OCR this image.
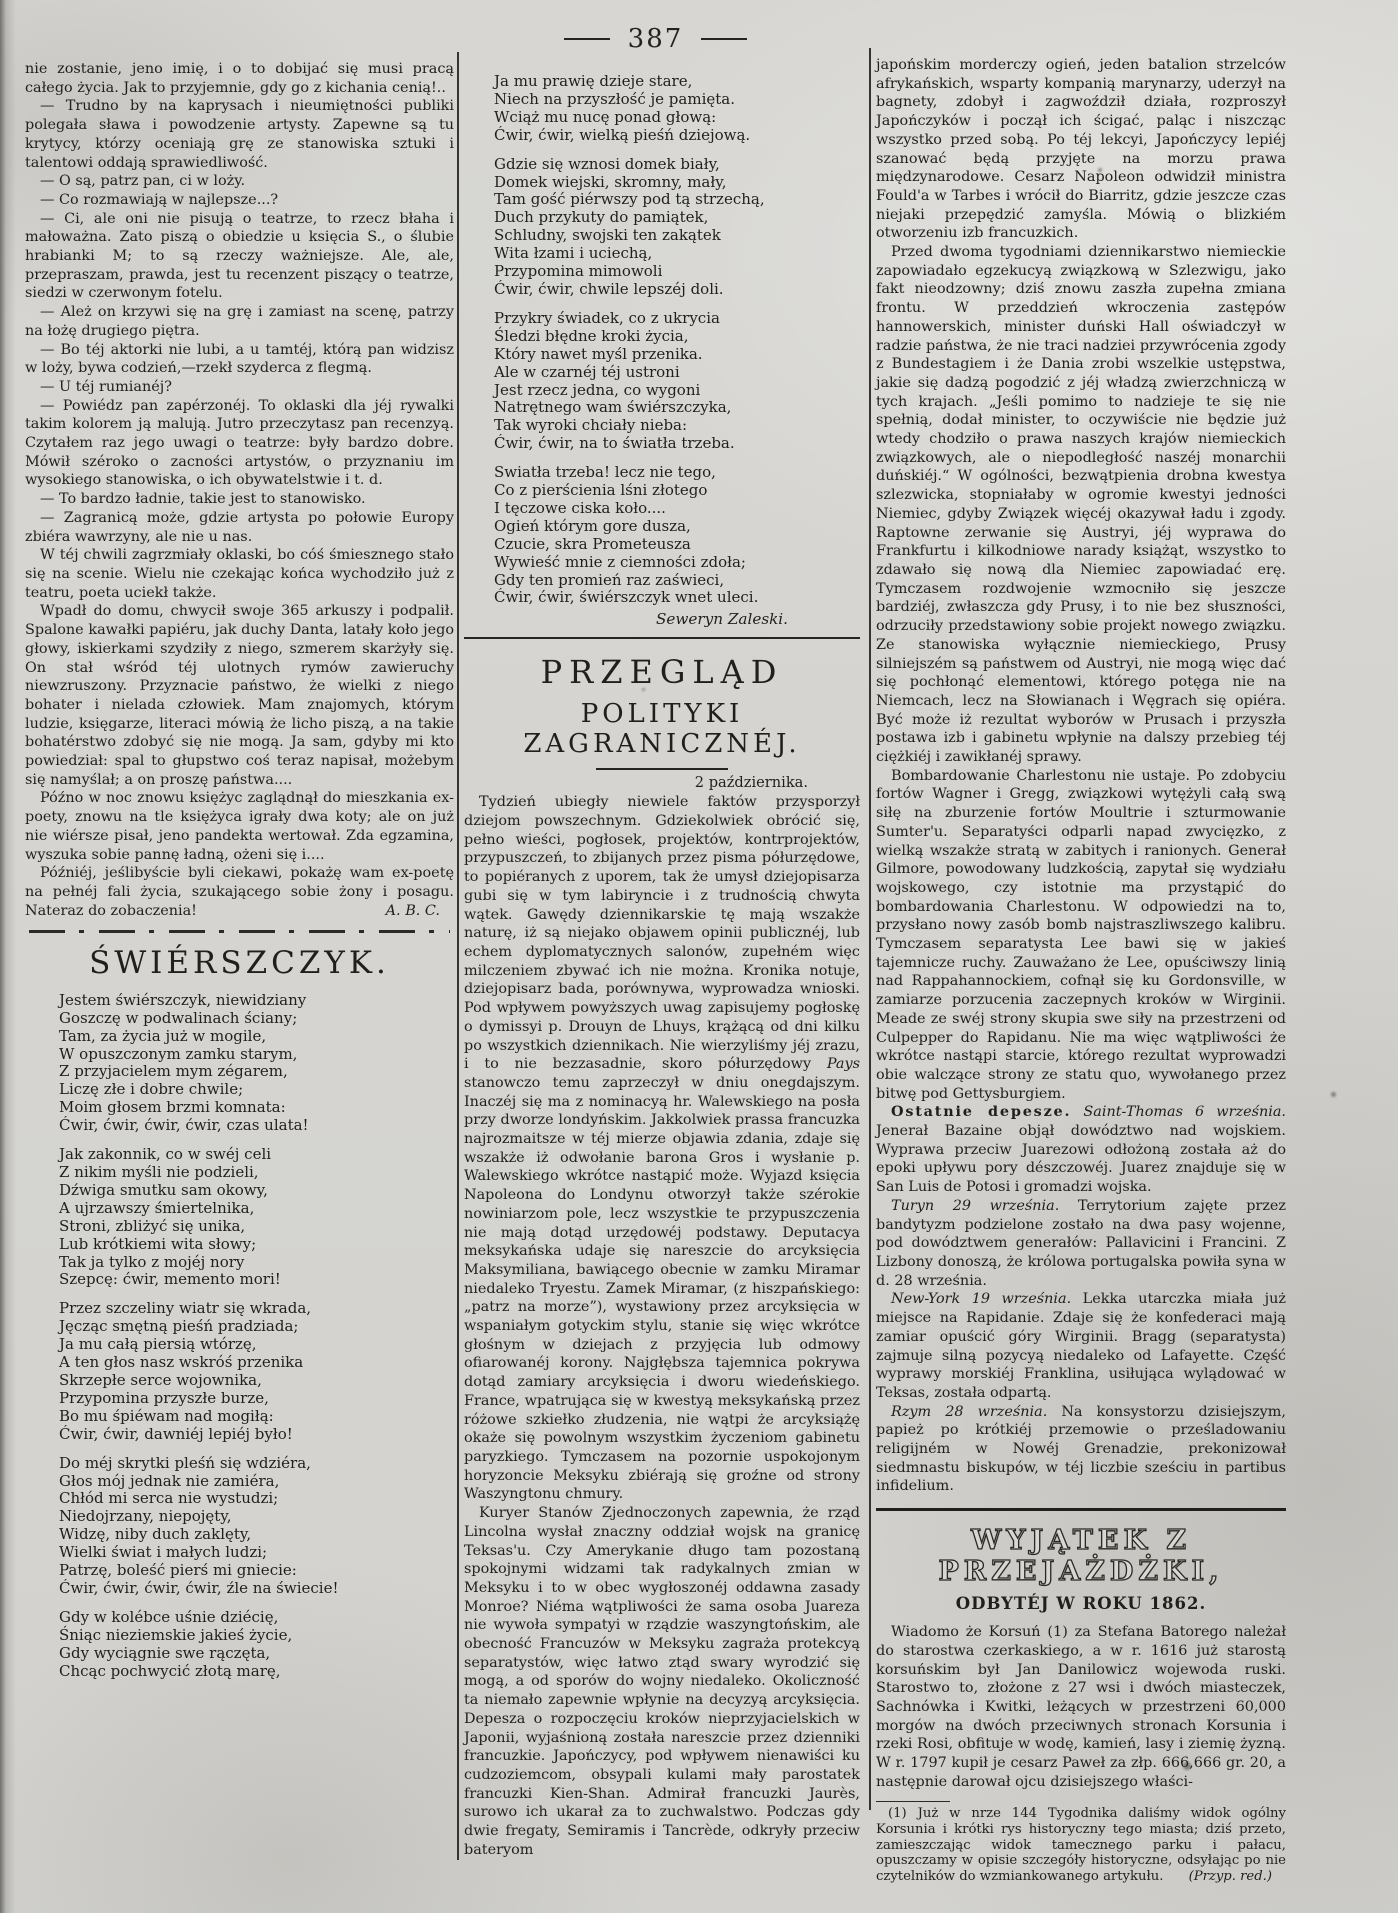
387

nie zostanie, jeno imię, i o to dobijać się musi pracą całego życia. Jak to przyjemnie, gdy go z kichania cenią!..

— Trudno by na kaprysach i nieumiętności publiki polegała sława i powodzenie artysty. Zapewne są tu krytycy, którzy oceniają grę ze stanowiska sztuki i talentowi oddają sprawiedliwość.

— O są, patrz pan, ci w loży.

— Co rozmawiają w najlepsze...?

— Ci, ale oni nie pisują o teatrze, to rzecz błaha i małoważna. Zato piszą o obiedzie u księcia S., o ślubie hrabianki M; to są rzeczy ważniejsze. Ale, ale, przepraszam, prawda, jest tu recenzent piszący o teatrze, siedzi w czerwonym fotelu.

— Ależ on krzywi się na grę i zamiast na scenę, patrzy na łożę drugiego piętra.

— Bo téj aktorki nie lubi, a u tamtéj, którą pan widzisz w loży, bywa codzień,—rzekł szyderca z flegmą.

— U téj rumianéj?

— Powiédz pan zapérzonéj. To oklaski dla jéj rywalki takim kolorem ją malują. Jutro przeczytasz pan recenzyą. Czytałem raz jego uwagi o teatrze: były bardzo dobre. Mówił széroko o zacności artystów, o przyznaniu im wysokiego stanowiska, o ich obywatelstwie i t. d.

— To bardzo ładnie, takie jest to stanowisko.

— Zagranicą może, gdzie artysta po połowie Europy zbiéra wawrzyny, ale nie u nas.

W téj chwili zagrzmiały oklaski, bo cóś śmiesznego stało się na scenie. Wielu nie czekając końca wychodziło już z teatru, poeta uciekł także.

Wpadł do domu, chwycił swoje 365 arkuszy i podpalił. Spalone kawałki papiéru, jak duchy Danta, latały koło jego głowy, iskierkami szydziły z niego, szmerem skarżyły się. On stał wśród téj ulotnych rymów zawieruchy niewzruszony. Przyznacie państwo, że wielki z niego bohater i nielada człowiek. Mam znajomych, którym ludzie, księgarze, literaci mówią że licho piszą, a na takie bohatérstwo zdobyć się nie mogą. Ja sam, gdyby mi kto powiedział: spal to głupstwo coś teraz napisał, możebym się namyślał; a on proszę państwa....

Późno w noc znowu księżyc zaglądnął do mieszkania ex-poety, znowu na tle księżyca igrały dwa koty; ale on już nie wiérsze pisał, jeno pandekta wertował. Zda egzamina, wyszuka sobie pannę ładną, ożeni się i....

Późniéj, jeślibyście byli ciekawi, pokażę wam ex-poetę na pełnéj fali życia, szukającego sobie żony i posagu. Nateraz do zobaczenia!	A. B. C.

ŚWIÉRSZCZYK.

Jestem świérszczyk, niewidziany
Goszczę w podwalinach ściany;
Tam, za życia już w mogile,
W opuszczonym zamku starym,
Z przyjacielem mym zégarem,
Liczę złe i dobre chwile;
Moim głosem brzmi komnata:
Ćwir, ćwir, ćwir, ćwir, czas ulata!
Jak zakonnik, co w swéj celi
Z nikim myśli nie podzieli,
Dźwiga smutku sam okowy,
A ujrzawszy śmiertelnika,
Stroni, zbliżyć się unika,
Lub krótkiemi wita słowy;
Tak ja tylko z mojéj nory
Szepcę: ćwir, memento mori!
Przez szczeliny wiatr się wkrada,
Jęcząc smętną pieśń pradziada;
Ja mu całą piersią wtórzę,
A ten głos nasz wskróś przenika
Skrzepłe serce wojownika,
Przypomina przyszłe burze,
Bo mu śpiéwam nad mogiłą:
Ćwir, ćwir, dawniéj lepiéj było!
Do méj skrytki pleśń się wdziéra,
Głos mój jednak nie zamiéra,
Chłód mi serca nie wystudzi;
Niedojrzany, niepojęty,
Widzę, niby duch zaklęty,
Wielki świat i małych ludzi;
Patrzę, boleść pierś mi gniecie:
Ćwir, ćwir, ćwir, ćwir, źle na świecie!
Gdy w kolébce uśnie dziécię,
Śniąc nieziemskie jakieś życie,
Gdy wyciągnie swe rączęta,
Chcąc pochwycić złotą marę,
Ja mu prawię dzieje stare,
Niech na przyszłość je pamięta.
Wciąż mu nucę ponad głową:
Ćwir, ćwir, wielką pieśń dziejową.
Gdzie się wznosi domek biały,
Domek wiejski, skromny, mały,
Tam gość piérwszy pod tą strzechą,
Duch przykuty do pamiątek,
Schludny, swojski ten zakątek
Wita łzami i uciechą,
Przypomina mimowoli
Ćwir, ćwir, chwile lepszéj doli.
Przykry świadek, co z ukrycia
Śledzi błędne kroki życia,
Który nawet myśl przenika.
Ale w czarnéj téj ustroni
Jest rzecz jedna, co wygoni
Natrętnego wam świérszczyka,
Tak wyroki chciały nieba:
Ćwir, ćwir, na to światła trzeba.
Swiatła trzeba! lecz nie tego,
Co z pierścienia lśni złotego
I tęczowe ciska koło....
Ogień którym gore dusza,
Czucie, skra Prometeusza
Wywieść mnie z ciemności zdoła;
Gdy ten promień raz zaświeci,
Ćwir, ćwir, świérszczyk wnet uleci.

Seweryn Zaleski.

PRZEGLĄD

POLITYKI ZAGRANICZNÉJ.

2 października.

Tydzień ubiegły niewiele faktów przysporzył dziejom powszechnym. Gdziekolwiek obrócić się, pełno wieści, pogłosek, projektów, kontrprojektów, przypuszczeń, to zbijanych przez pisma półurzędowe, to popiéranych z uporem, tak że umysł dziejopisarza gubi się w tym labiryncie i z trudnością chwyta wątek. Gawędy dziennikarskie tę mają wszakże naturę, iż są niejako objawem opinii publicznéj, lub echem dyplomatycznych salonów, zupełném więc milczeniem zbywać ich nie można. Kronika notuje, dziejopisarz bada, porównywa, wyprowadza wnioski. Pod wpływem powyższych uwag zapisujemy pogłoskę o dymissyi p. Drouyn de Lhuys, krążącą od dni kilku po wszystkich dziennikach. Nie wierzyliśmy jéj zrazu, i to nie bezzasadnie, skoro półurzędowy Pays stanowczo temu zaprzeczył w dniu onegdajszym. Inaczéj się ma z nominacyą hr. Walewskiego na posła przy dworze londyńskim. Jakkolwiek prassa francuzka najrozmaitsze w téj mierze objawia zdania, zdaje się wszakże iż odwołanie barona Gros i wysłanie p. Walewskiego wkrótce nastąpić może. Wyjazd księcia Napoleona do Londynu otworzył także szérokie nowiniarzom pole, lecz wszystkie te przypuszczenia nie mają dotąd urzędowéj podstawy. Deputacya meksykańska udaje się nareszcie do arcyksięcia Maksymiliana, bawiącego obecnie w zamku Miramar niedaleko Tryestu. Zamek Miramar, (z hiszpańskiego: „patrz na morze”), wystawiony przez arcyksięcia w wspaniałym gotyckim stylu, stanie się więc wkrótce głośnym w dziejach z przyjęcia lub odmowy ofiarowanéj korony. Najgłębsza tajemnica pokrywa dotąd zamiary arcyksięcia i dworu wiedeńskiego. France, wpatrująca się w kwestyą meksykańską przez różowe szkiełko złudzenia, nie wątpi że arcyksiążę okaże się powolnym wszystkim życzeniom gabinetu paryzkiego. Tymczasem na pozornie uspokojonym horyzoncie Meksyku zbiérają się groźne od strony Waszyngtonu chmury.

Kuryer Stanów Zjednoczonych zapewnia, że rząd Lincolna wysłał znaczny oddział wojsk na granicę Teksas'u. Czy Amerykanie długo tam pozostaną spokojnymi widzami tak radykalnych zmian w Meksyku i to w obec wygłoszonéj oddawna zasady Monroe? Niéma wątpliwości że sama osoba Juareza nie wywoła sympatyi w rządzie waszyngtońskim, ale obecność Francuzów w Meksyku zagraża protekcyą separatystów, więc łatwo ztąd swary wyrodzić się mogą, a od sporów do wojny niedaleko. Okoliczność ta niemało zapewnie wpłynie na decyzyą arcyksięcia. Depesza o rozpoczęciu kroków nieprzyjacielskich w Japonii, wyjaśnioną została nareszcie przez dzienniki francuzkie. Japończycy, pod wpływem nienawiści ku cudzoziemcom, obsypali kulami mały parostatek francuzki Kien-Shan. Admirał francuzki Jaurès, surowo ich ukarał za to zuchwalstwo. Podczas gdy dwie fregaty, Semiramis i Tancrède, odkryły przeciw bateryom

japońskim morderczy ogień, jeden batalion strzelców afrykańskich, wsparty kompanią marynarzy, uderzył na bagnety, zdobył i zagwoździł działa, rozproszył Japończyków i począł ich ścigać, paląc i niszcząc wszystko przed sobą. Po téj lekcyi, Japończycy lepiéj szanować będą przyjęte na morzu prawa międzynarodowe. Cesarz Napoleon odwidził ministra Fould'a w Tarbes i wrócił do Biarritz, gdzie jeszcze czas niejaki przepędzić zamyśla. Mówią o blizkiém otworzeniu izb francuzkich.

Przed dwoma tygodniami dziennikarstwo niemieckie zapowiadało egzekucyą związkową w Szlezwigu, jako fakt nieodzowny; dziś znowu zaszła zupełna zmiana frontu. W przeddzień wkroczenia zastępów hannowerskich, minister duński Hall oświadczył w radzie państwa, że nie traci nadziei przywrócenia zgody z Bundestagiem i że Dania zrobi wszelkie ustępstwa, jakie się dadzą pogodzić z jéj władzą zwierzchniczą w tych krajach. „Jeśli pomimo to nadzieje te się nie spełnią, dodał minister, to oczywiście nie będzie już wtedy chodziło o prawa naszych krajów niemieckich związkowych, ale o niepodległość naszéj monarchii duńskiéj.“ W ogólności, bezwątpienia drobna kwestya szlezwicka, stopniałaby w ogromie kwestyi jedności Niemiec, gdyby Związek więcéj okazywał ładu i zgody. Raptowne zerwanie się Austryi, jéj wyprawa do Frankfurtu i kilkodniowe narady książąt, wszystko to zdawało się nową dla Niemiec zapowiadać erę. Tymczasem rozdwojenie wzmocniło się jeszcze bardziéj, zwłaszcza gdy Prusy, i to nie bez słuszności, odrzuciły przedstawiony sobie projekt nowego związku. Ze stanowiska wyłącznie niemieckiego, Prusy silniejszém są państwem od Austryi, nie mogą więc dać się pochłonąć elementowi, którego potęga nie na Niemcach, lecz na Słowianach i Węgrach się opiéra. Być może iż rezultat wyborów w Prusach i przyszła postawa izb i gabinetu wpłynie na dalszy przebieg téj ciężkiéj i zawikłanéj sprawy.

Bombardowanie Charlestonu nie ustaje. Po zdobyciu fortów Wagner i Gregg, związkowi wytężyli całą swą siłę na zburzenie fortów Moultrie i szturmowanie Sumter'u. Separatyści odparli napad zwycięzko, z wielką wszakże stratą w zabitych i ranionych. Generał Gilmore, powodowany ludzkością, zapytał się wydziału wojskowego, czy istotnie ma przystąpić do bombardowania Charlestonu. W odpowiedzi na to, przysłano nowy zasób bomb najstraszliwszego kalibru. Tymczasem separatysta Lee bawi się w jakieś tajemnicze ruchy. Zauważano że Lee, opuściwszy linią nad Rappahannockiem, cofnął się ku Gordonsville, w zamiarze porzucenia zaczepnych kroków w Wirginii. Meade ze swéj strony skupia swe siły na przestrzeni od Culpepper do Rapidanu. Nie ma więc wątpliwości że wkrótce nastąpi starcie, którego rezultat wyprowadzi obie walczące strony ze statu quo, wywołanego przez bitwę pod Gettysburgiem.

Ostatnie depesze. Saint-Thomas 6 września. Jenerał Bazaine objął dowództwo nad wojskiem. Wyprawa przeciw Juarezowi odłożoną została aż do epoki upływu pory dészczowéj. Juarez znajduje się w San Luis de Potosi i gromadzi wojska.

Turyn 29 września. Terrytorium zajęte przez bandytyzm podzielone zostało na dwa pasy wojenne, pod dowództwem generałów: Pallavicini i Francini. Z Lizbony donoszą, że królowa portugalska powiła syna w d. 28 września.

New-York 19 września. Lekka utarczka miała już miejsce na Rapidanie. Zdaje się że konfederaci mają zamiar opuścić góry Wirginii. Bragg (separatysta) zajmuje silną pozycyą niedaleko od Lafayette. Część wyprawy morskiéj Franklina, usiłująca wylądować w Teksas, została odpartą.

Rzym 28 września. Na konsystorzu dzisiejszym, papież po krótkiéj przemowie o prześladowaniu religijném w Nowéj Grenadzie, prekonizował siedmnastu biskupów, w téj liczbie sześciu in partibus infidelium.

WYJĄTEK Z PRZEJAŻDŻKI,

ODBYTÉJ W ROKU 1862.

Wiadomo że Korsuń (1) za Stefana Batorego należał do starostwa czerkaskiego, a w r. 1616 już starostą korsuńskim był Jan Danilowicz wojewoda ruski. Starostwo to, złożone z 27 wsi i dwóch miasteczek, Sachnówka i Kwitki, leżących w przestrzeni 60,000 morgów na dwóch przeciwnych stronach Korsunia i rzeki Rosi, obfituje w wodę, kamień, lasy i ziemię żyzną. W r. 1797 kupił je cesarz Paweł za złp. 666,666 gr. 20, a następnie darował ojcu dzisiejszego właści-

(1) Już w nrze 144 Tygodnika daliśmy widok ogólny Korsunia i krótki rys historyczny tego miasta; dziś przeto, zamieszczając widok tamecznego parku i pałacu, opuszczamy w opisie szczegóły historyczne, odsyłając po nie czytelników do wzmiankowanego artykułu.	(Przyp. red.)
